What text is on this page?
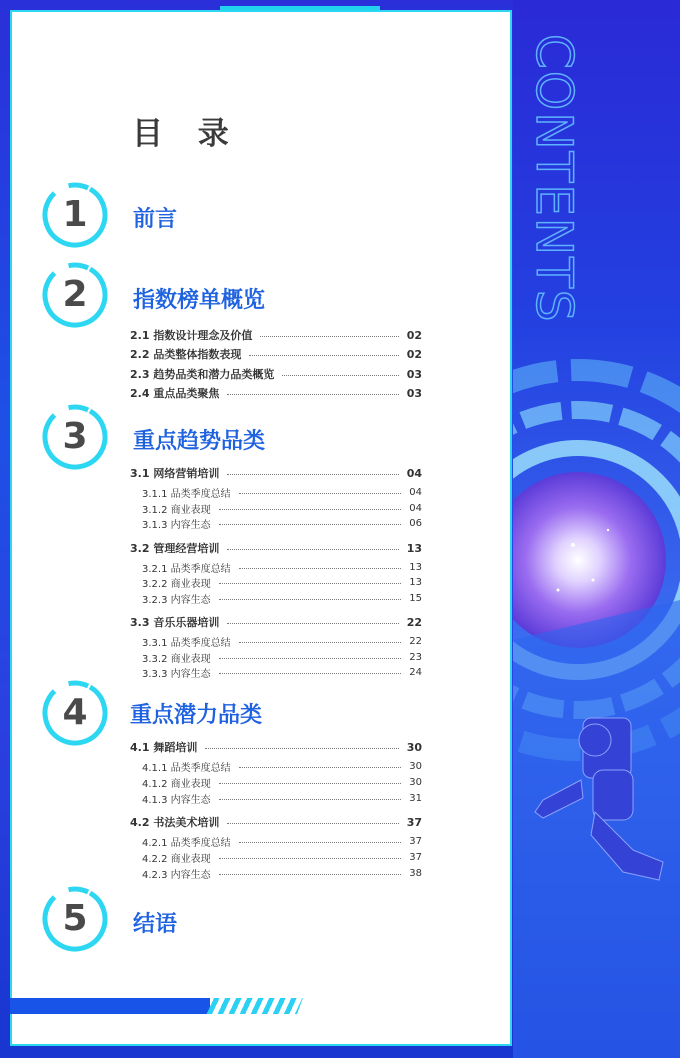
CONTENTS
目 录
1	前言
2	指数榜单概览
3	重点趋势品类
4	重点潜力品类
5	结语
2.1 指数设计理念及价值	02
2.2 品类整体指数表现	02
2.3 趋势品类和潜力品类概览	03
2.4 重点品类聚焦	03
3.1 网络营销培训	04
3.1.1 品类季度总结	04
3.1.2 商业表现	04
3.1.3 内容生态	06
3.2 管理经营培训	13
3.2.1 品类季度总结	13
3.2.2 商业表现	13
3.2.3 内容生态	15
3.3 音乐乐器培训	22
3.3.1 品类季度总结	22
3.3.2 商业表现	23
3.3.3 内容生态	24
4.1 舞蹈培训	30
4.1.1 品类季度总结	30
4.1.2 商业表现	30
4.1.3 内容生态	31
4.2 书法美术培训	37
4.2.1 品类季度总结	37
4.2.2 商业表现	37
4.2.3 内容生态	38
